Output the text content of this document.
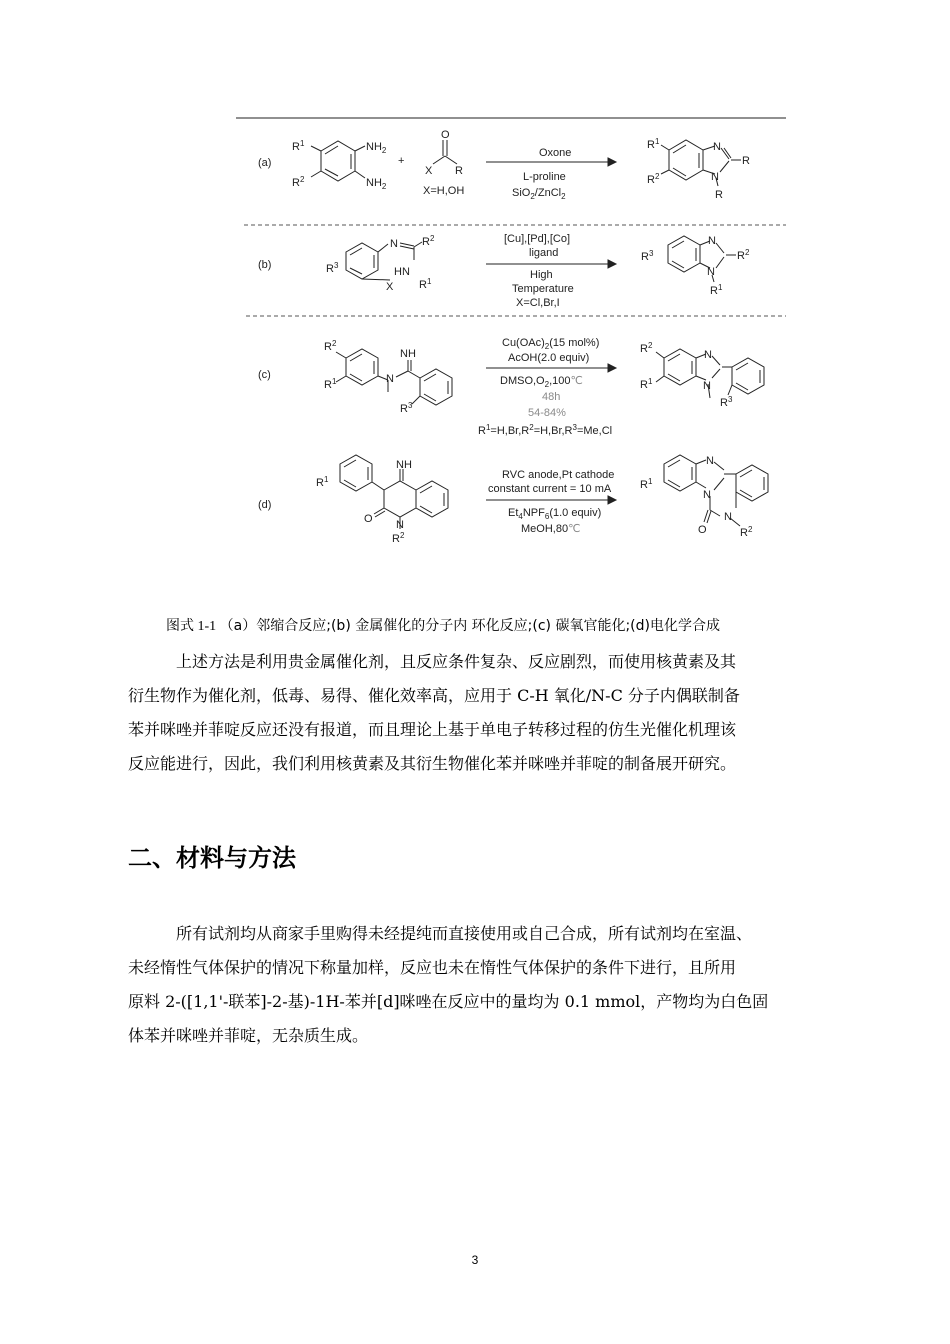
(a)
$R^1$
$R^2$
$NH_2$
$NH_2$
+
O
X R
X=H,OH
Oxone
L-proline
SiO$_2$/ZnCl$_2$
$R^1$
$R^2$
N
N
R
R
(b)	$R^3$
N $R^2$
HN
$R^1$
X
[Cu],[Pd],[Co]
ligand
High
Temperature
X=Cl,Br,I
$R^3$
N
N
$R^2$
$R^1$
(c)
$R^2$
$R^1$
NH
N
$R^3$
$Cu(OAc)_2(15$ mol%)
AcOH(2.0 equiv)
$DMSO,O_2,100℃$
48h
54-84%
$R^1=H,Br,R^2=H,Br,R^3=Me,Cl$
$R^2$
$R^1$
N
N
$R^3$
(d)
$R^1$
NH
O N
$R^2$
RVC anode,Pt cathode
constant current = 10 mA
$Et_4NPF_6(1.0$ equiv)
MeOH,80℃
$R^1$
N
N
N
O	$R^2$
图式 1-1 （a）邻缩合反应;(b) 金属催化的分子内 环化反应;(c) 碳氧官能化;(d)电化学合成
上述方法是利用贵金属催化剂，且反应条件复杂、反应剧烈，而使用核黄素及其
衍生物作为催化剂，低毒、易得、催化效率高，应用于 C-H 氧化/N-C 分子内偶联制备
苯并咪唑并菲啶反应还没有报道，而且理论上基于单电子转移过程的仿生光催化机理该
反应能进行，因此，我们利用核黄素及其衍生物催化苯并咪唑并菲啶的制备展开研究。
二、材料与方法
所有试剂均从商家手里购得未经提纯而直接使用或自己合成，所有试剂均在室温、
未经惰性气体保护的情况下称量加样，反应也未在惰性气体保护的条件下进行，且所用
原料 2-([1,1'-联苯]-2-基)-1H-苯并[d]咪唑在反应中的量均为 0.1 mmol，产物均为白色固
体苯并咪唑并菲啶，无杂质生成。
3
